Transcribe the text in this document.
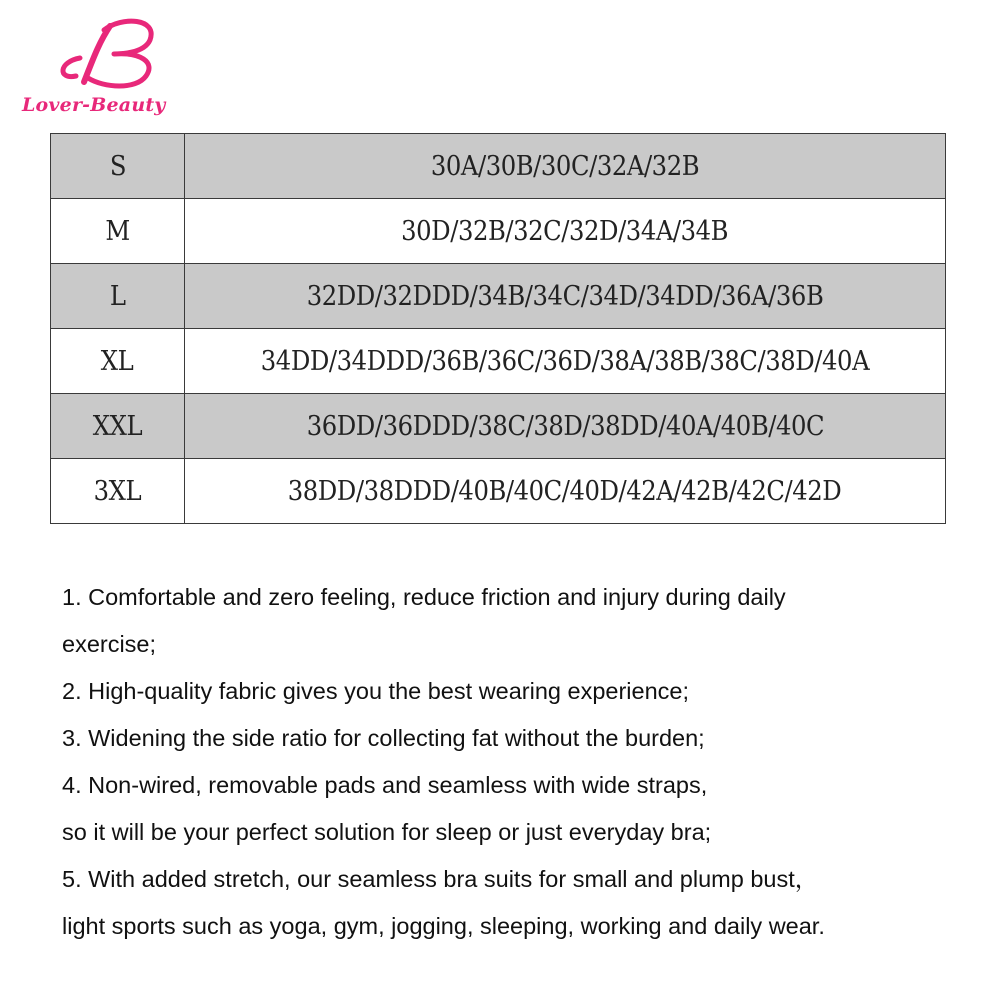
Lover-Beauty
S	30A/30B/30C/32A/32B
M	30D/32B/32C/32D/34A/34B
L	32DD/32DDD/34B/34C/34D/34DD/36A/36B
XL	34DD/34DDD/36B/36C/36D/38A/38B/38C/38D/40A
XXL	36DD/36DDD/38C/38D/38DD/40A/40B/40C
3XL	38DD/38DDD/40B/40C/40D/42A/42B/42C/42D
1. Comfortable and zero feeling, reduce friction and injury during daily
exercise;
2. High-quality fabric gives you the best wearing experience;
3. Widening the side ratio for collecting fat without the burden;
4. Non-wired, removable pads and seamless with wide straps,
so it will be your perfect solution for sleep or just everyday bra;
5. With added stretch, our seamless bra suits for small and plump bust，
light sports such as yoga, gym, jogging, sleeping, working and daily wear.
